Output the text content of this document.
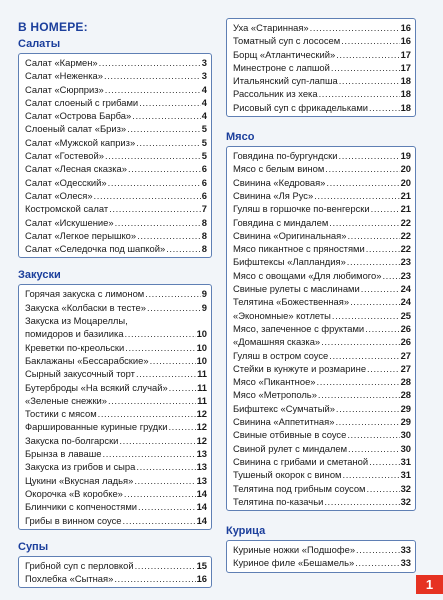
В НОМЕРЕ:
Салаты
Салат «Кармен» .....	3
Салат «Неженка» .....	3
Салат «Сюрприз» .....	4
Салат слоеный с грибами .....	4
Салат «Острова Барба» .....	4
Слоеный салат «Бриз» .....	5
Салат «Мужской каприз» .....	5
Салат «Гостевой» .....	5
Салат «Лесная сказка» .....	6
Салат «Одесский» .....	6
Салат «Олеся» .....	6
Костромской салат .....	7
Салат «Искушение» .....	8
Салат «Легкое перышко» .....	8
Салат «Селедочка под шапкой» .....	8
Закуски
Горячая закуска с лимоном .....	9
Закуска «Колбаски в тесте» .....	9
Закуска из Моцареллы,
помидоров и базилика .....	10
Креветки по-креольски .....	10
Баклажаны «Бессарабские» .....	10
Сырный закусочный торт .....	11
Бутерброды «На всякий случай» .....	11
«Зеленые снежки» .....	11
Тостики с мясом .....	12
Фаршированные куриные грудки .....	12
Закуска по-болгарски .....	12
Брынза в лаваше .....	13
Закуска из грибов и сыра .....	13
Цукини «Вкусная ладья» .....	13
Окорочка «В коробке» .....	14
Блинчики с копченостями .....	14
Грибы в винном соусе .....	14
Супы
Грибной суп с перловкой .....	15
Похлебка «Сытная» .....	16
Уха «Старинная» .....	16
Томатный суп с лососем .....	16
Борщ «Атлантический» .....	17
Минестроне с лапшой .....	17
Итальянский суп-лапша .....	18
Рассольник из хека .....	18
Рисовый суп с фрикадельками .....	18
Мясо
Говядина по-бургундски .....	19
Мясо с белым вином .....	20
Свинина «Кедровая» .....	20
Свинина «Ля Рус» .....	21
Гуляш в горшочке по-венгерски .....	21
Говядина с миндалем .....	22
Свинина «Оригинальная» .....	22
Мясо пикантное с пряностями .....	22
Бифштексы «Лапландия» .....	23
Мясо с овощами «Для любимого» ..... 23
Свиные рулеты с маслинами .....	24
Телятина «Божественная» .....	24
«Экономные» котлеты .....	25
Мясо, запеченное с фруктами .....	26
«Домашняя сказка» .....	26
Гуляш в остром соусе .....	27
Стейки в кунжуте и розмарине .....	27
Мясо «Пикантное» .....	28
Мясо «Метрополь» .....	28
Бифштекс «Сумчатый» .....	29
Свинина «Аппетитная» .....	29
Свиные отбивные в соусе .....	30
Свиной рулет с миндалем .....	30
Свинина с грибами и сметаной .....	31
Тушеный окорок с вином .....	31
Телятина под грибным соусом .....	32
Телятина по-казачьи .....	32
Курица
Куриные ножки «Подшофе» .....	33
Куриное филе «Бешамель» .....	33
1
